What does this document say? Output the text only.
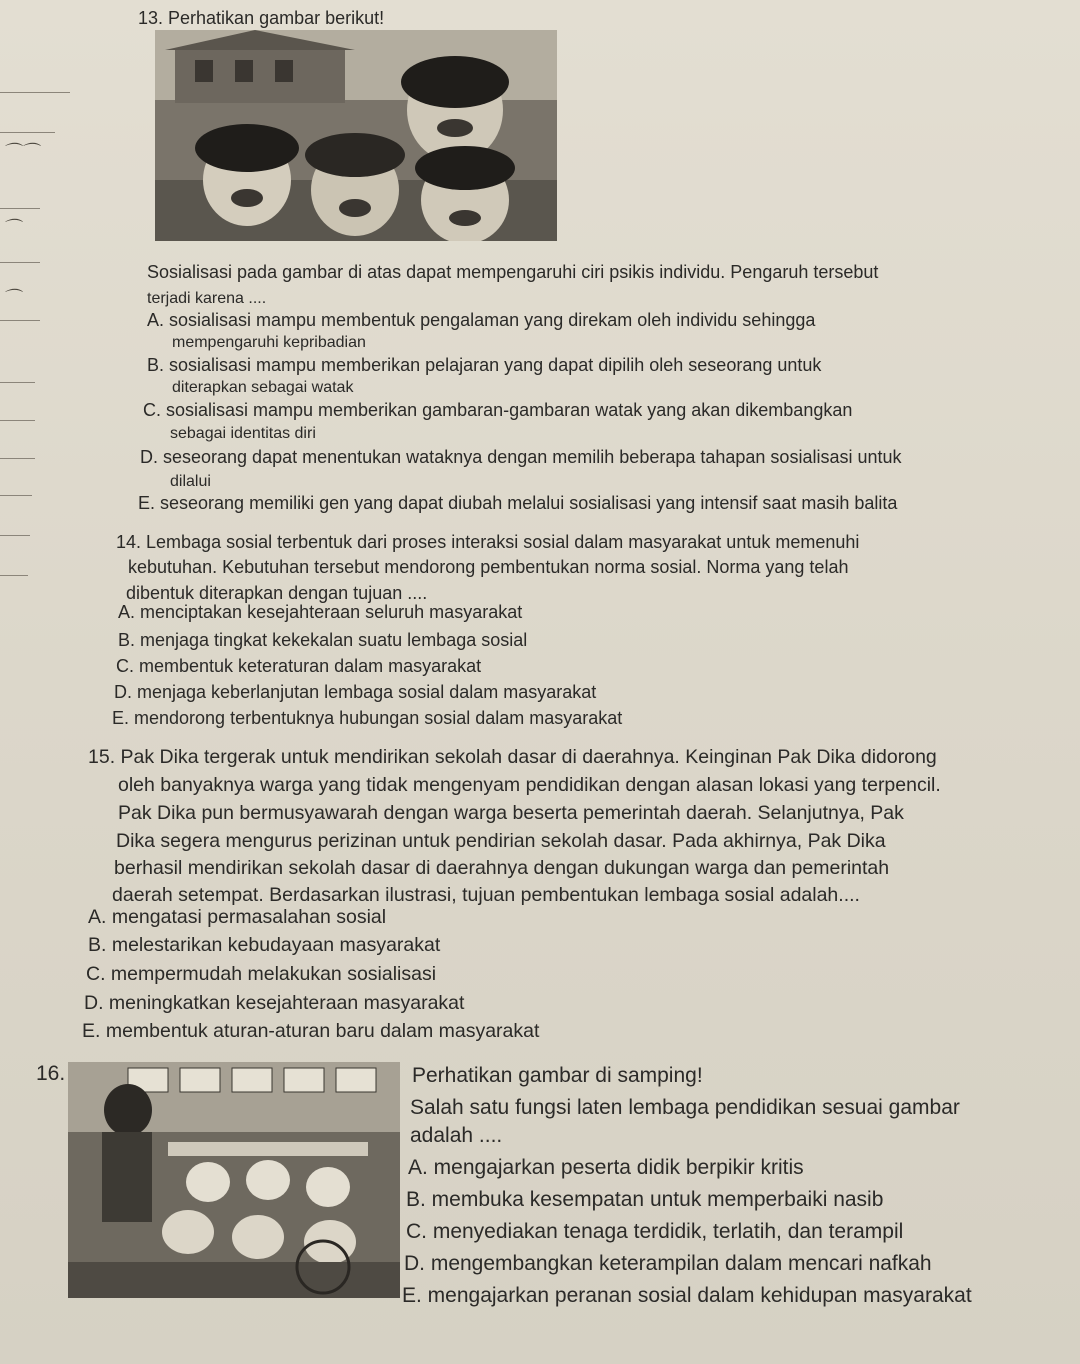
⌒⌒
⌒
⌒
13. Perhatikan gambar berikut!
Sosialisasi pada gambar di atas dapat mempengaruhi ciri psikis individu. Pengaruh tersebut
terjadi karena ....
A. sosialisasi mampu membentuk pengalaman yang direkam oleh individu sehingga
mempengaruhi kepribadian
B. sosialisasi mampu memberikan pelajaran yang dapat dipilih oleh seseorang untuk
diterapkan sebagai watak
C. sosialisasi mampu memberikan gambaran-gambaran watak yang akan dikembangkan
sebagai identitas diri
D. seseorang dapat menentukan wataknya dengan memilih beberapa tahapan sosialisasi untuk
dilalui
E. seseorang memiliki gen yang dapat diubah melalui sosialisasi yang intensif saat masih balita
14. Lembaga sosial terbentuk dari proses interaksi sosial dalam masyarakat untuk memenuhi
kebutuhan. Kebutuhan tersebut mendorong pembentukan norma sosial. Norma yang telah
dibentuk diterapkan dengan tujuan ....
A. menciptakan kesejahteraan seluruh masyarakat
B. menjaga tingkat kekekalan suatu lembaga sosial
C. membentuk keteraturan dalam masyarakat
D. menjaga keberlanjutan lembaga sosial dalam masyarakat
E. mendorong terbentuknya hubungan sosial dalam masyarakat
15. Pak Dika tergerak untuk mendirikan sekolah dasar di daerahnya. Keinginan Pak Dika didorong
oleh banyaknya warga yang tidak mengenyam pendidikan dengan alasan lokasi yang terpencil.
Pak Dika pun bermusyawarah dengan warga beserta pemerintah daerah. Selanjutnya, Pak
Dika segera mengurus perizinan untuk pendirian sekolah dasar. Pada akhirnya, Pak Dika
berhasil mendirikan sekolah dasar di daerahnya dengan dukungan warga dan pemerintah
daerah setempat. Berdasarkan ilustrasi, tujuan pembentukan lembaga sosial adalah....
A. mengatasi permasalahan sosial
B. melestarikan kebudayaan masyarakat
C. mempermudah melakukan sosialisasi
D. meningkatkan kesejahteraan masyarakat
E. membentuk aturan-aturan baru dalam masyarakat
16.	Perhatikan gambar di samping!
Salah satu fungsi laten lembaga pendidikan sesuai gambar
adalah ....
A. mengajarkan peserta didik berpikir kritis
B. membuka kesempatan untuk memperbaiki nasib
C. menyediakan tenaga terdidik, terlatih, dan terampil
D. mengembangkan keterampilan dalam mencari nafkah
E. mengajarkan peranan sosial dalam kehidupan masyarakat
